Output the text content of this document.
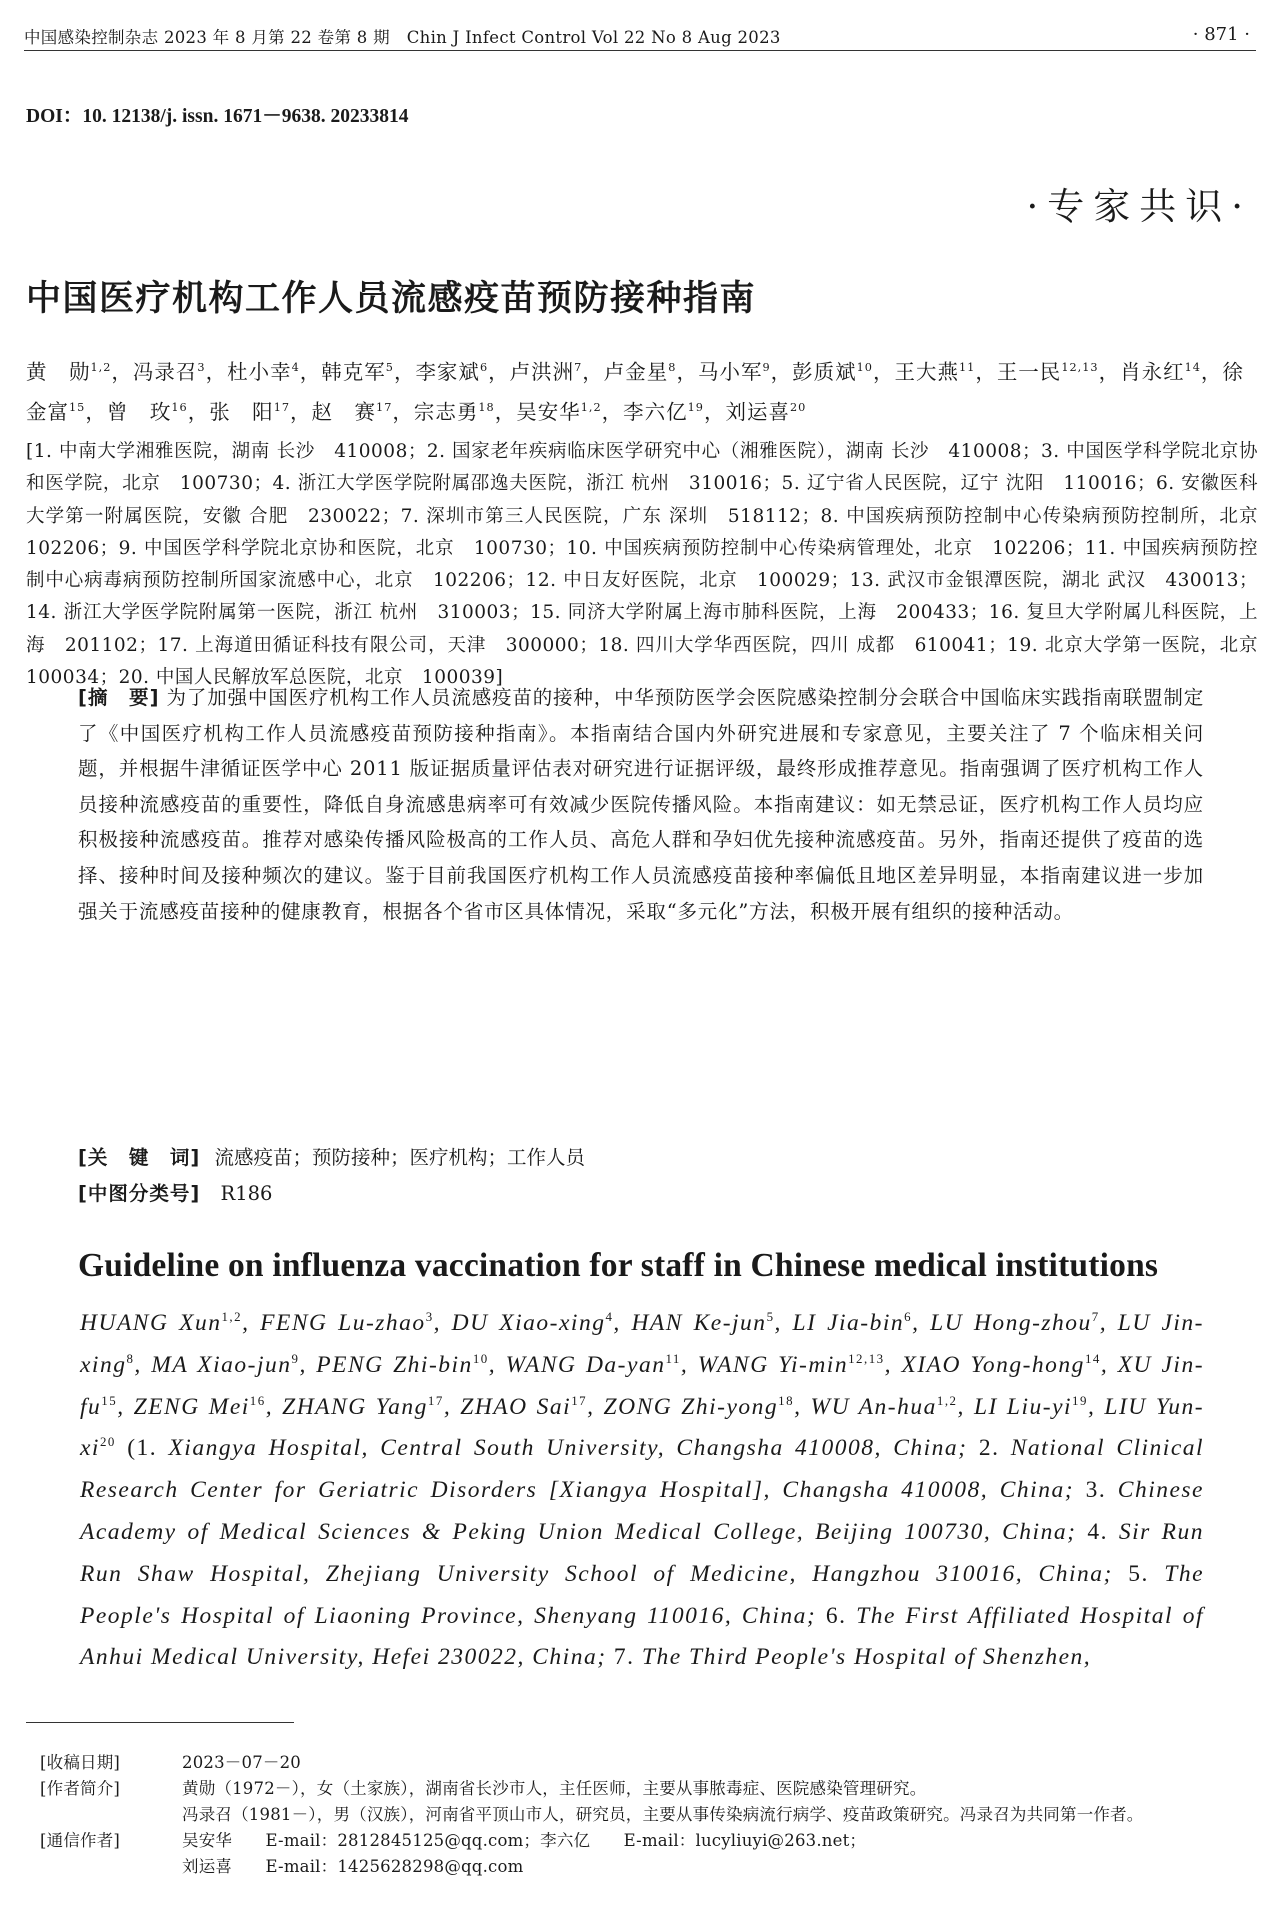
中国感染控制杂志 2023 年 8 月第 22 卷第 8 期　Chin J Infect Control Vol 22 No 8 Aug 2023	· 871 ·
DOI：10. 12138/j. issn. 1671－9638. 20233814
·专家共识·
中国医疗机构工作人员流感疫苗预防接种指南
黄　勋$^{1,2}$，冯录召$^3$，杜小幸$^4$，韩克军$^5$，李家斌$^6$，卢洪洲$^7$，卢金星$^8$，马小军$^9$，彭质斌$^{10}$，王大燕$^{11}$，王一民$^{12,13}$，肖永红$^{14}$，徐金富$^{15}$，曾　玫$^{16}$，张　阳$^{17}$，赵　赛$^{17}$，宗志勇$^{18}$，吴安华$^{1,2}$，李六亿$^{19}$，刘运喜$^{20}$
[1. 中南大学湘雅医院，湖南 长沙　410008；2. 国家老年疾病临床医学研究中心（湘雅医院），湖南 长沙　410008；3. 中国医学科学院北京协和医学院，北京　100730；4. 浙江大学医学院附属邵逸夫医院，浙江 杭州　310016；5. 辽宁省人民医院，辽宁 沈阳　110016；6. 安徽医科大学第一附属医院，安徽 合肥　230022；7. 深圳市第三人民医院，广东 深圳　518112；8. 中国疾病预防控制中心传染病预防控制所，北京　102206；9. 中国医学科学院北京协和医院，北京　100730；10. 中国疾病预防控制中心传染病管理处，北京　102206；11. 中国疾病预防控制中心病毒病预防控制所国家流感中心，北京　102206；12. 中日友好医院，北京　100029；13. 武汉市金银潭医院，湖北 武汉　430013；14. 浙江大学医学院附属第一医院，浙江 杭州　310003；15. 同济大学附属上海市肺科医院，上海　200433；16. 复旦大学附属儿科医院，上海　201102；17. 上海道田循证科技有限公司，天津　300000；18. 四川大学华西医院，四川 成都　610041；19. 北京大学第一医院，北京　100034；20. 中国人民解放军总医院，北京　100039]
[摘　要] 为了加强中国医疗机构工作人员流感疫苗的接种，中华预防医学会医院感染控制分会联合中国临床实践指南联盟制定了《中国医疗机构工作人员流感疫苗预防接种指南》。本指南结合国内外研究进展和专家意见，主要关注了 7 个临床相关问题，并根据牛津循证医学中心 2011 版证据质量评估表对研究进行证据评级，最终形成推荐意见。指南强调了医疗机构工作人员接种流感疫苗的重要性，降低自身流感患病率可有效减少医院传播风险。本指南建议：如无禁忌证，医疗机构工作人员均应积极接种流感疫苗。推荐对感染传播风险极高的工作人员、高危人群和孕妇优先接种流感疫苗。另外，指南还提供了疫苗的选择、接种时间及接种频次的建议。鉴于目前我国医疗机构工作人员流感疫苗接种率偏低且地区差异明显，本指南建议进一步加强关于流感疫苗接种的健康教育，根据各个省市区具体情况，采取“多元化”方法，积极开展有组织的接种活动。
[关　键　词] 流感疫苗；预防接种；医疗机构；工作人员
[中图分类号] R186
Guideline on influenza vaccination for staff in Chinese medical institutions
HUANG Xun$^{1,2}$, FENG Lu-zhao$^3$, DU Xiao-xing$^4$, HAN Ke-jun$^5$, LI Jia-bin$^6$, LU Hong-zhou$^7$, LU Jin-xing$^8$, MA Xiao-jun$^9$, PENG Zhi-bin$^{10}$, WANG Da-yan$^{11}$, WANG $Yi-\min^{12,13}$, XIAO Yong-hong$^{14}$, XU Jin-$fu^{15}$, ZENG Mei$^{16}$, ZHANG Yang$^{17}$, ZHAO Sai$^{17}$, ZONG Zhi-yong$^{18}$, WU An-hua$^{1,2}$, LI Liu-$yi^{19}$, LIU Yun-$xi^{20}$ (1. Xiangya Hospital, Central South University, Changsha 410008, China; 2. National Clinical Research Center for Geriatric Disorders [Xiangya Hospital], Changsha 410008, China; 3. Chinese Academy of Medical Sciences & Peking Union Medical College, Beijing 100730, China; 4. Sir Run Run Shaw Hospital, Zhejiang University School of Medicine, Hangzhou 310016, China; 5. The People's Hospital of Liaoning Province, Shenyang 110016, China; 6. The First Affiliated Hospital of Anhui Medical University, Hefei 230022, China; 7. The Third People's Hospital of Shenzhen,
[收稿日期]	2023－07－20
[作者简介]	黄勋（1972－），女（土家族），湖南省长沙市人，主任医师，主要从事脓毒症、医院感染管理研究。
冯录召（1981－），男（汉族），河南省平顶山市人，研究员，主要从事传染病流行病学、疫苗政策研究。冯录召为共同第一作者。
[通信作者]	吴安华　　E-mail：2812845125@qq.com；李六亿　　E-mail：lucyliuyi@263.net；
刘运喜　　E-mail：1425628298@qq.com
